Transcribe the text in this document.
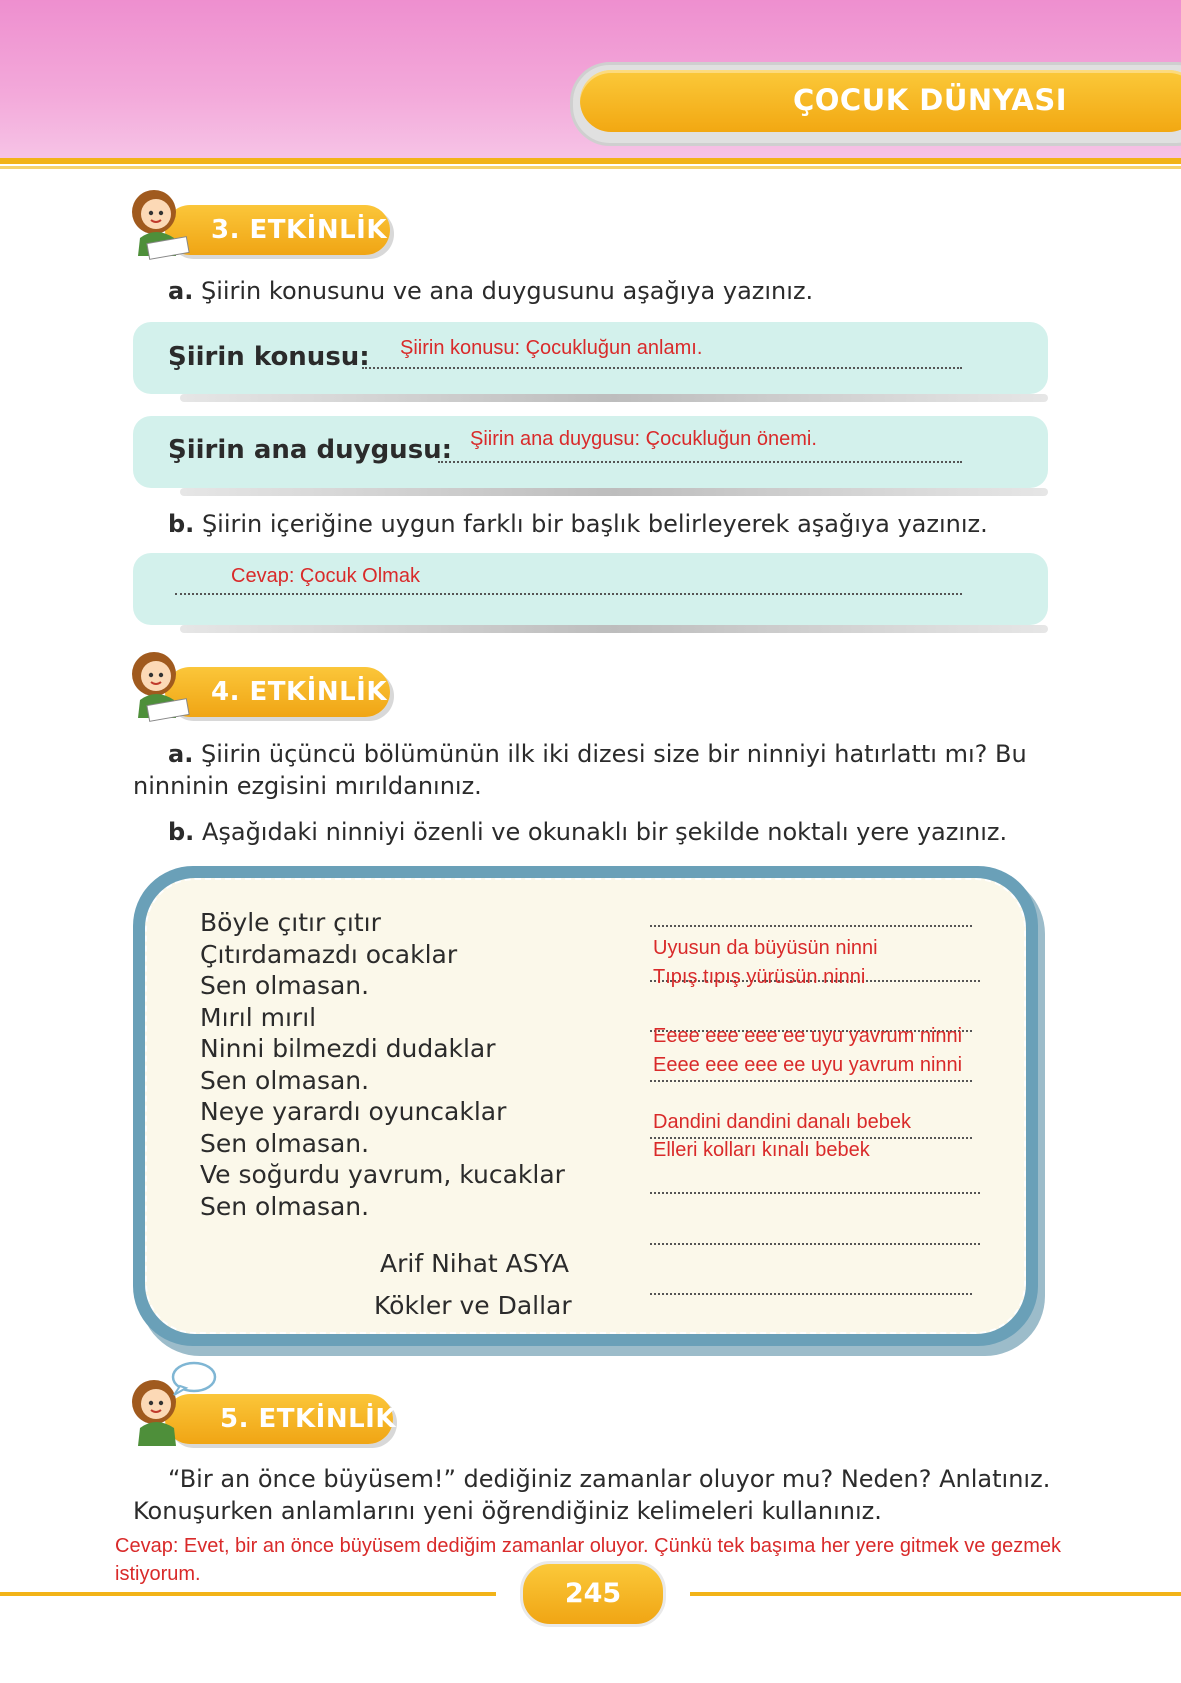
ÇOCUK DÜNYASI
3. ETKİNLİK
a. Şiirin konusunu ve ana duygusunu aşağıya yazınız.
Şiirin konusu: Şiirin konusu: Çocukluğun anlamı.
Şiirin ana duygusu: Şiirin ana duygusu: Çocukluğun önemi.
b. Şiirin içeriğine uygun farklı bir başlık belirleyerek aşağıya yazınız.
Cevap: Çocuk Olmak
4. ETKİNLİK
a. Şiirin üçüncü bölümünün ilk iki dizesi size bir ninniyi hatırlattı mı? Bu
ninninin ezgisini mırıldanınız.
b. Aşağıdaki ninniyi özenli ve okunaklı bir şekilde noktalı yere yazınız.
Böyle çıtır çıtır
Çıtırdamazdı ocaklar
Sen olmasan.
Mırıl mırıl
Ninni bilmezdi dudaklar
Sen olmasan.
Neye yarardı oyuncaklar
Sen olmasan.
Ve soğurdu yavrum, kucaklar
Sen olmasan.
Arif Nihat ASYA
Kökler ve Dallar
Uyusun da büyüsün ninni
Tıpış tıpış yürüsün ninni
Eeee eee eee ee uyu yavrum ninni
Eeee eee eee ee uyu yavrum ninni
Dandini dandini danalı bebek
Elleri kolları kınalı bebek
5. ETKİNLİK
“Bir an önce büyüsem!” dediğiniz zamanlar oluyor mu? Neden? Anlatınız.
Konuşurken anlamlarını yeni öğrendiğiniz kelimeleri kullanınız.
Cevap: Evet, bir an önce büyüsem dediğim zamanlar oluyor. Çünkü tek başıma her yere gitmek ve gezmek
istiyorum.
245
